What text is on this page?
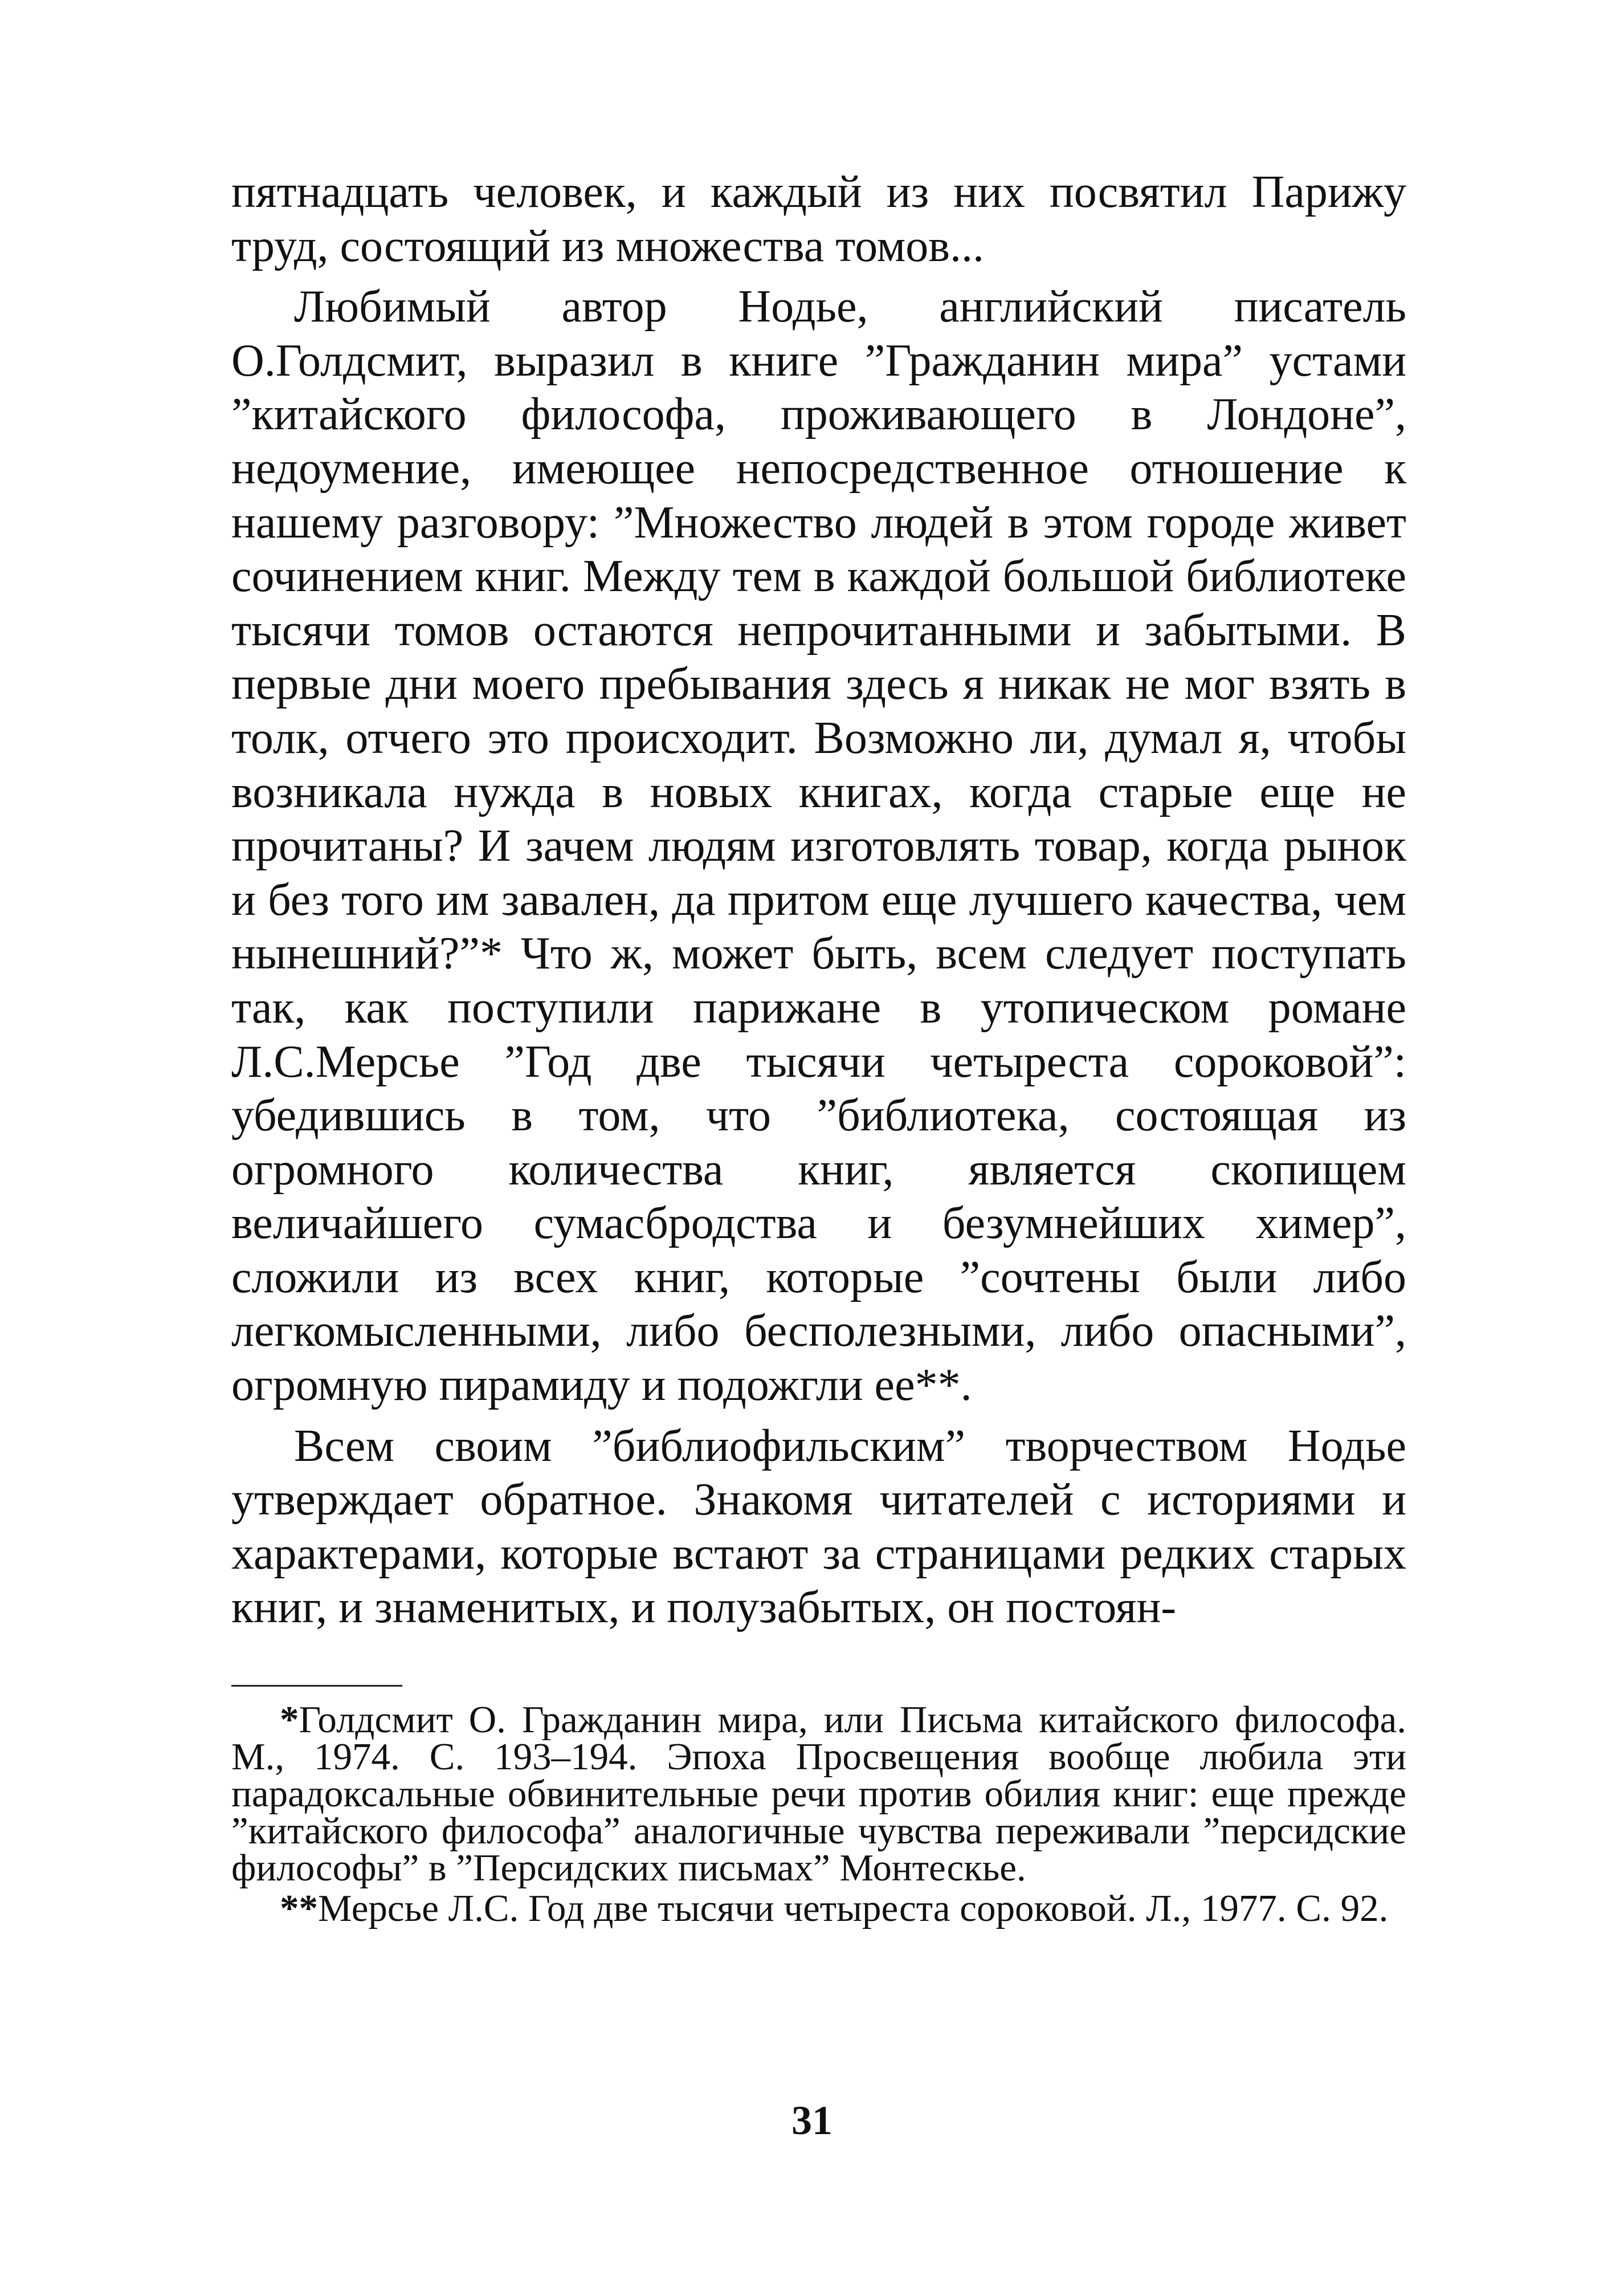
пятнадцать человек, и каждый из них посвятил Парижу труд, состоящий из множества томов...

Любимый автор Нодье, английский писатель О.Голдсмит, выразил в книге ”Гражданин мира” устами ”китайского философа, проживающего в Лондоне”, недоумение, имеющее непосредственное отношение к нашему разговору: ”Множество людей в этом городе живет сочинением книг. Между тем в каждой большой библиотеке тысячи томов остаются непрочитанными и забытыми. В первые дни моего пребывания здесь я никак не мог взять в толк, отчего это происходит. Возможно ли, думал я, чтобы возникала нужда в новых книгах, когда старые еще не прочитаны? И зачем людям изготовлять товар, когда рынок и без того им завален, да притом еще лучшего качества, чем нынешний?”* Что ж, может быть, всем следует поступать так, как поступили парижане в утопическом романе Л.С.Мерсье ”Год две тысячи четыреста сороковой”: убедившись в том, что ”библиотека, состоящая из огромного количества книг, является скопищем величайшего сумасбродства и безумнейших химер”, сложили из всех книг, которые ”сочтены были либо легкомысленными, либо бесполезными, либо опасными”, огромную пирамиду и подожгли ее**.

Всем своим ”библиофильским” творчеством Нодье утверждает обратное. Знакомя читателей с историями и характерами, которые встают за страницами редких старых книг, и знаменитых, и полузабытых, он постоян-

*Голдсмит О. Гражданин мира, или Письма китайского философа. М., 1974. С. 193–194. Эпоха Просвещения вообще любила эти парадоксальные обвинительные речи против обилия книг: еще прежде ”китайского философа” аналогичные чувства переживали ”персидские философы” в ”Персидских письмах” Монтескье.

**Мерсье Л.С. Год две тысячи четыреста сороковой. Л., 1977. С. 92.

31
